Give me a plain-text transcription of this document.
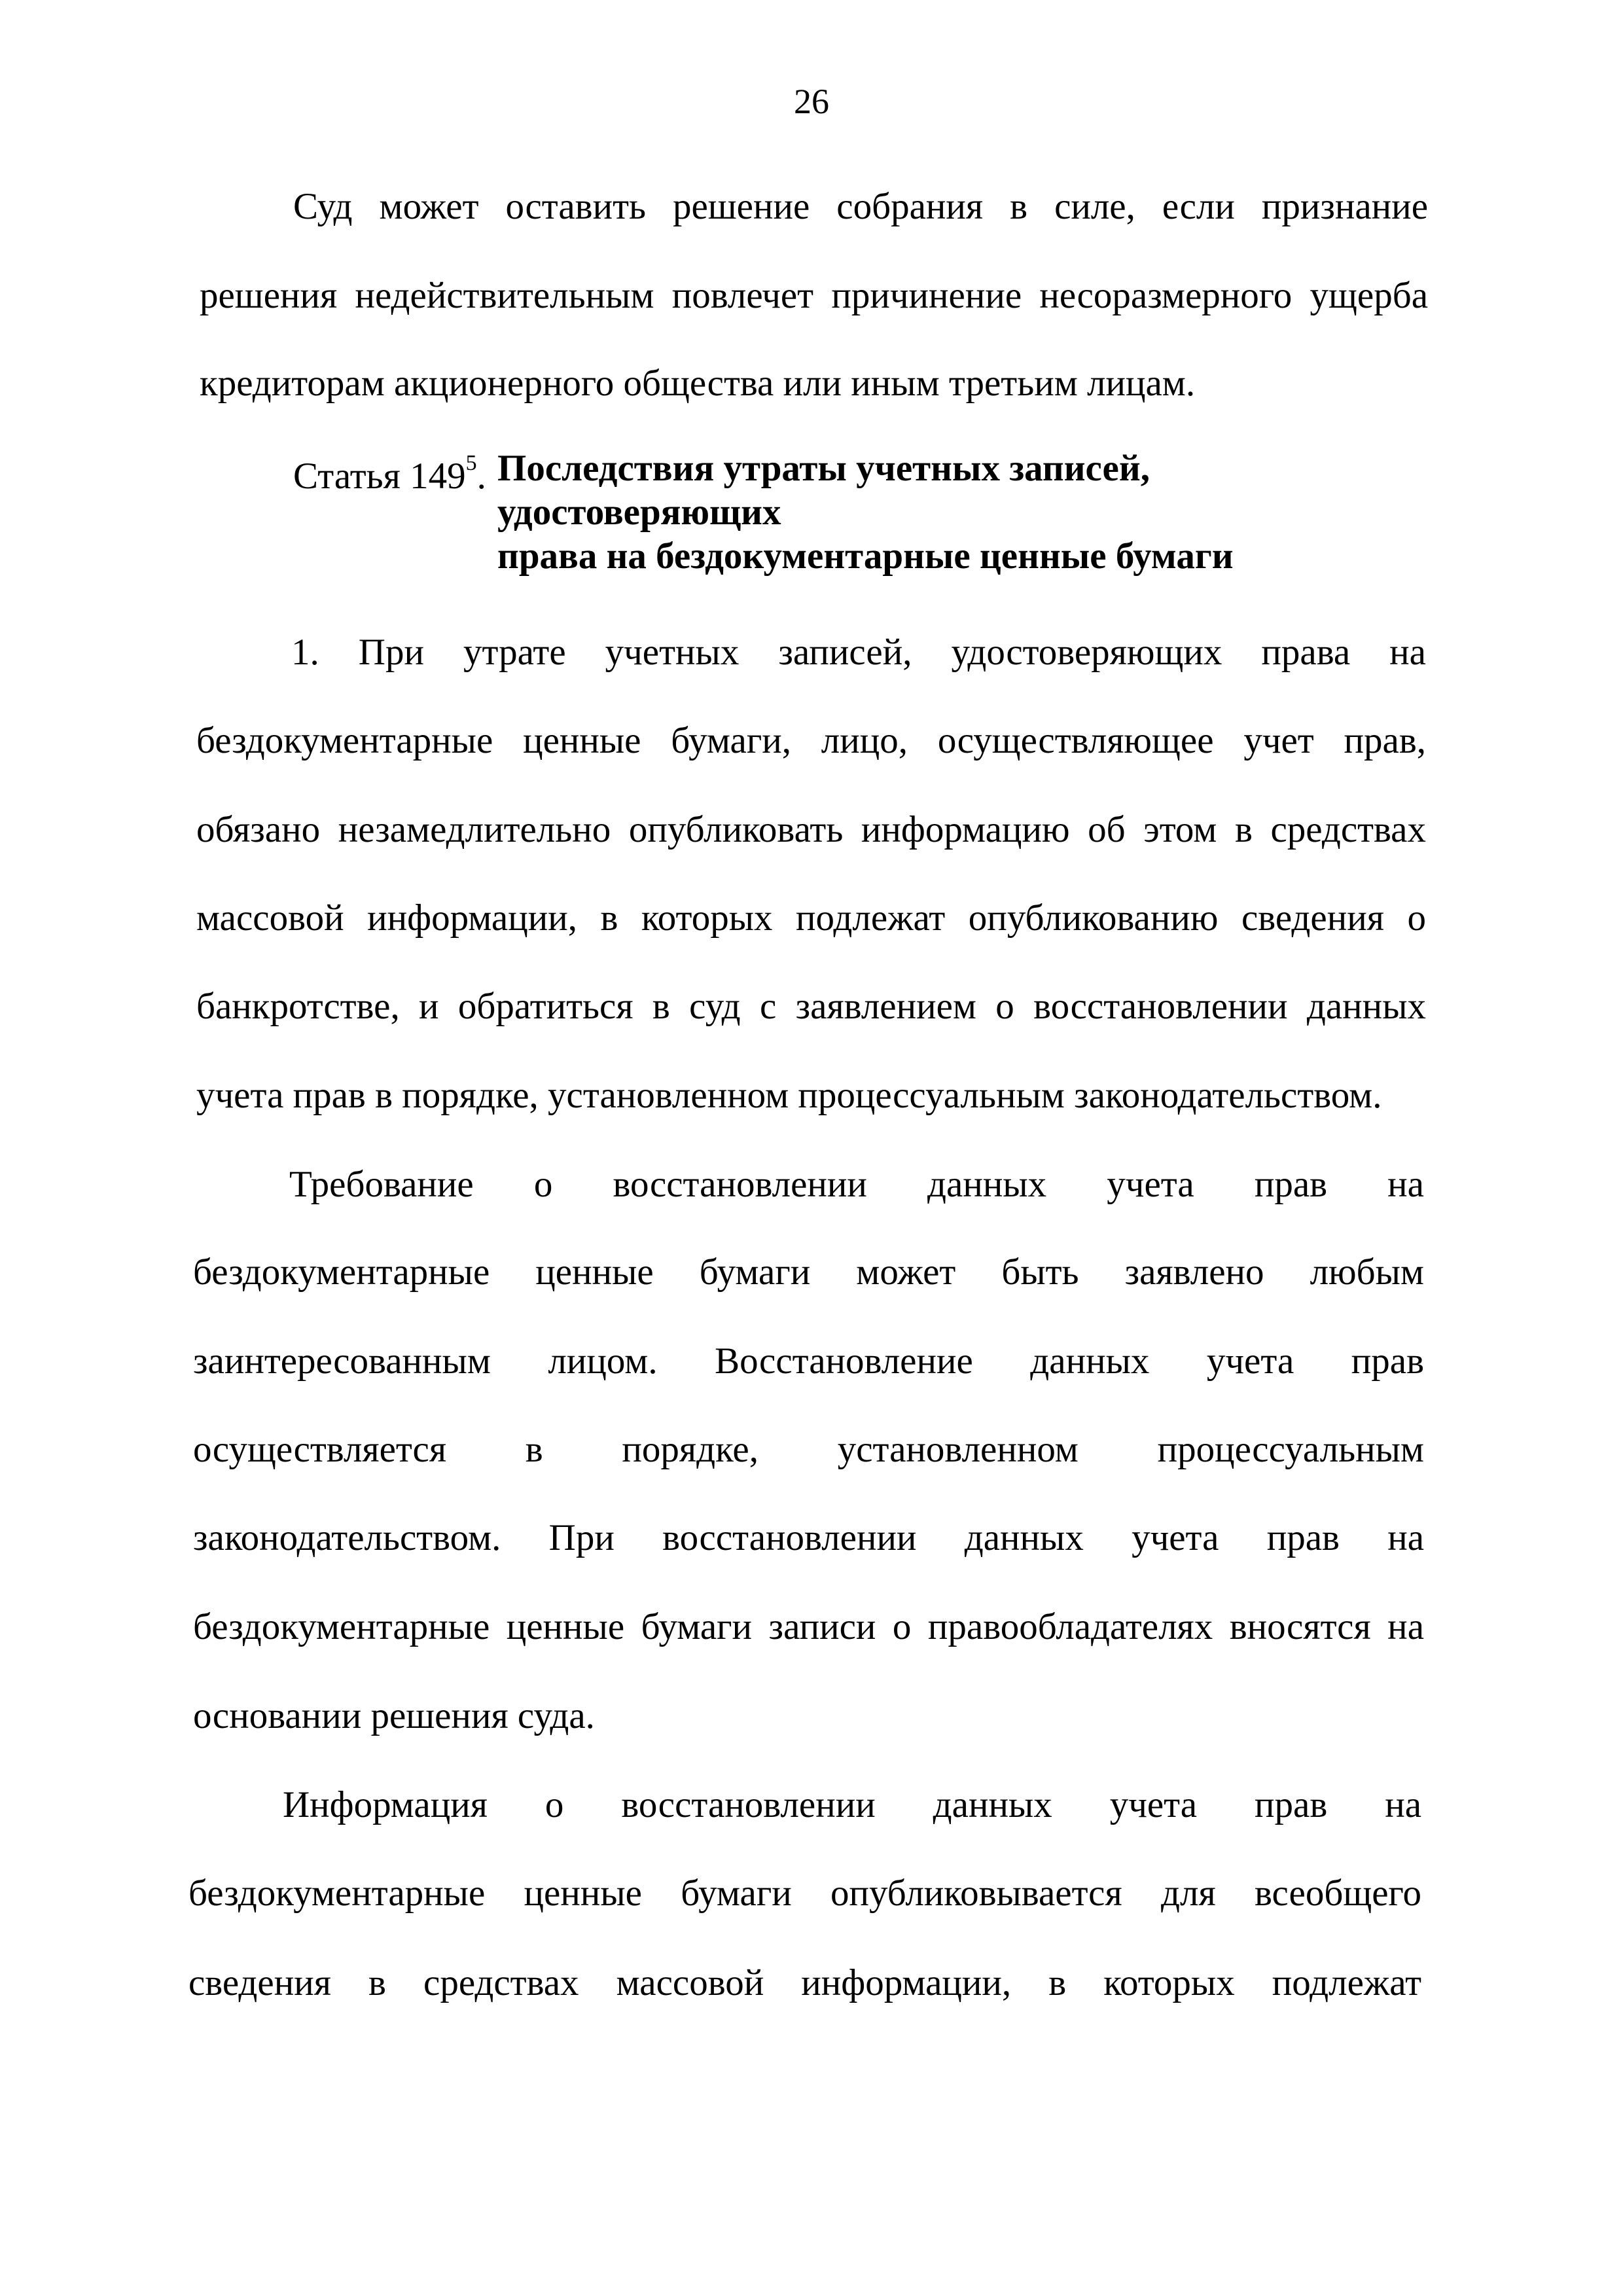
26
Суд может оставить решение собрания в силе, если признание
решения недействительным повлечет причинение несоразмерного ущерба
кредиторам акционерного общества или иным третьим лицам.
Статья $149^5$. Последствия утраты учетных записей,
удостоверяющих
права на бездокументарные ценные бумаги
1. При утрате учетных записей, удостоверяющих права на
бездокументарные ценные бумаги, лицо, осуществляющее учет прав,
обязано незамедлительно опубликовать информацию об этом в средствах
массовой информации, в которых подлежат опубликованию сведения о
банкротстве, и обратиться в суд с заявлением о восстановлении данных
учета прав в порядке, установленном процессуальным законодательством.
Требование о восстановлении данных учета прав на
бездокументарные ценные бумаги может быть заявлено любым
заинтересованным лицом. Восстановление данных учета прав
осуществляется в порядке, установленном процессуальным
законодательством. При восстановлении данных учета прав на
бездокументарные ценные бумаги записи о правообладателях вносятся на
основании решения суда.
Информация о восстановлении данных учета прав на
бездокументарные ценные бумаги опубликовывается для всеобщего
сведения в средствах массовой информации, в которых подлежат
